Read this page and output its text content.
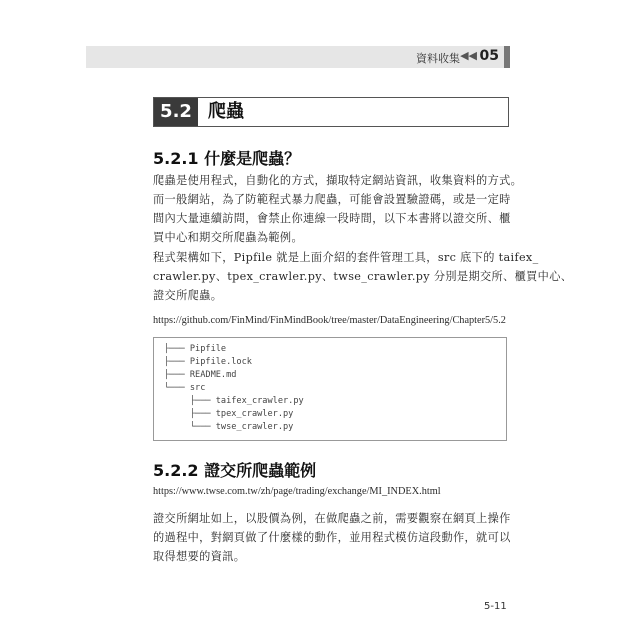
資料收集 ◀◀ 05
5.2 爬蟲
5.2.1 什麼是爬蟲？
爬蟲是使用程式，自動化的方式，擷取特定網站資訊，收集資料的方式。
而一般網站，為了防範程式暴力爬蟲，可能會設置驗證碼，或是一定時
間內大量連續訪問，會禁止你連線一段時間，以下本書將以證交所、櫃
買中心和期交所爬蟲為範例。
程式架構如下，Pipfile 就是上面介紹的套件管理工具，src 底下的 taifex_
crawler.py、tpex_crawler.py、twse_crawler.py 分別是期交所、櫃買中心、
證交所爬蟲。
https://github.com/FinMind/FinMindBook/tree/master/DataEngineering/Chapter5/5.2
├─── Pipfile
├─── Pipfile.lock
├─── README.md
└─── src
├─── taifex_crawler.py
├─── tpex_crawler.py
└─── twse_crawler.py
5.2.2 證交所爬蟲範例
https://www.twse.com.tw/zh/page/trading/exchange/MI_INDEX.html
證交所網址如上，以股價為例，在做爬蟲之前，需要觀察在網頁上操作
的過程中，對網頁做了什麼樣的動作，並用程式模仿這段動作，就可以
取得想要的資訊。
5-11
